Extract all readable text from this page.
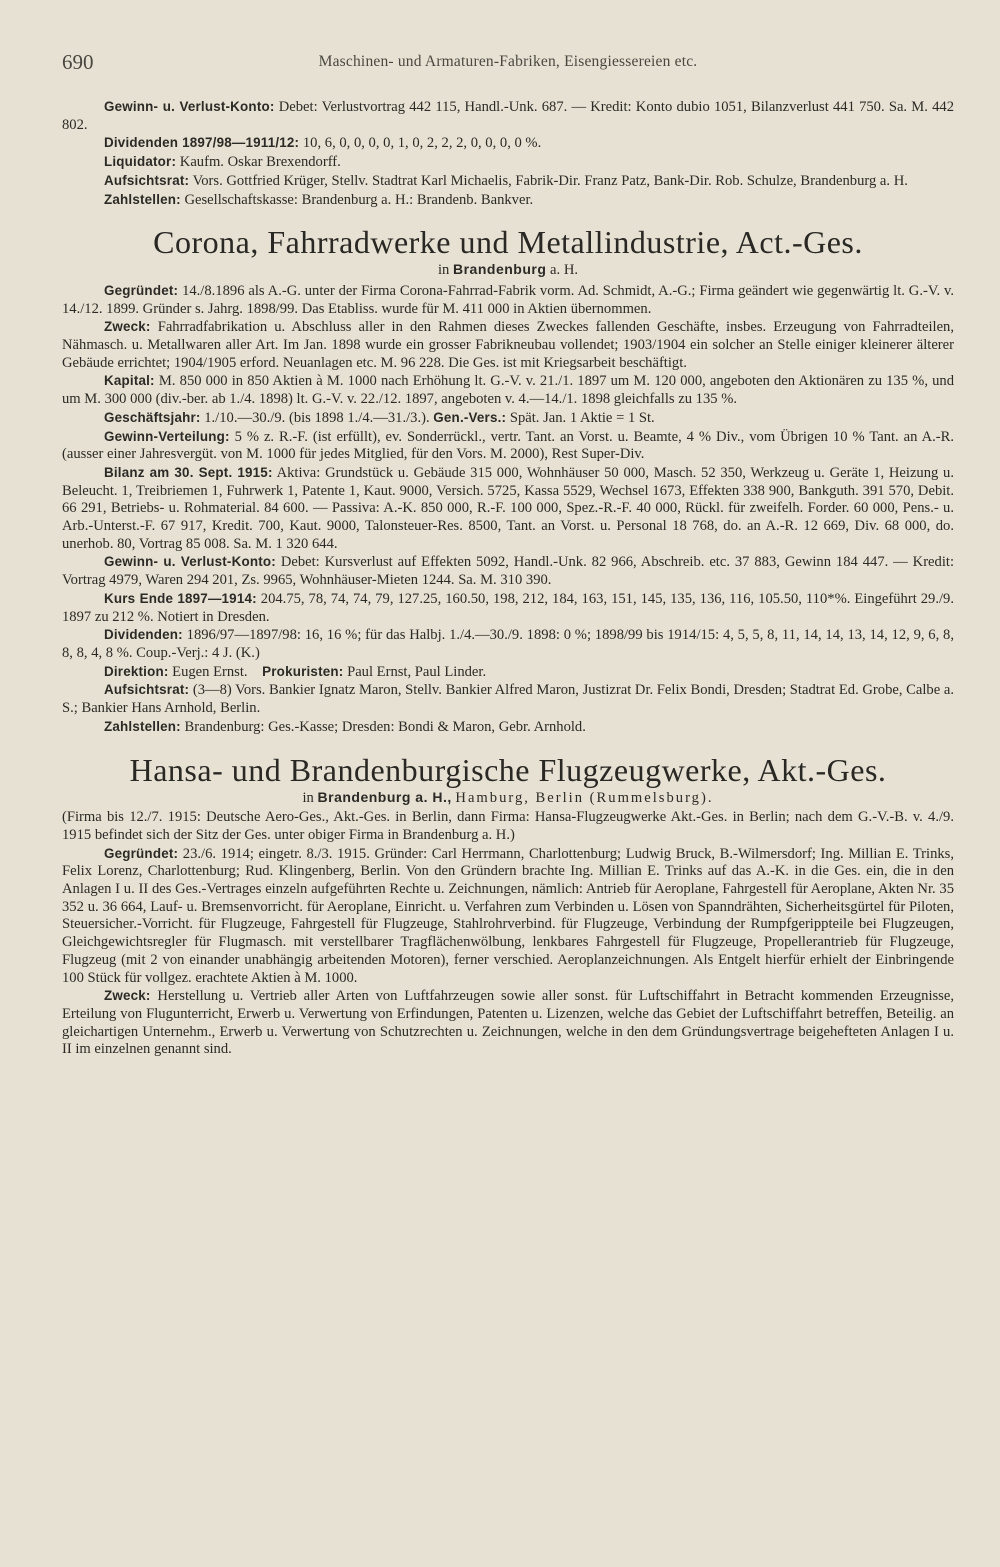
690	Maschinen- und Armaturen-Fabriken, Eisengiessereien etc.

Gewinn- u. Verlust-Konto: Debet: Verlustvortrag 442 115, Handl.-Unk. 687. — Kredit: Konto dubio 1051, Bilanzverlust 441 750. Sa. M. 442 802.

Dividenden 1897/98—1911/12: 10, 6, 0, 0, 0, 0, 1, 0, 2, 2, 2, 0, 0, 0, 0 %.

Liquidator: Kaufm. Oskar Brexendorff.

Aufsichtsrat: Vors. Gottfried Krüger, Stellv. Stadtrat Karl Michaelis, Fabrik-Dir. Franz Patz, Bank-Dir. Rob. Schulze, Brandenburg a. H.

Zahlstellen: Gesellschaftskasse: Brandenburg a. H.: Brandenb. Bankver.

Corona, Fahrradwerke und Metallindustrie, Act.-Ges.

in Brandenburg a. H.

Gegründet: 14./8.1896 als A.-G. unter der Firma Corona-Fahrrad-Fabrik vorm. Ad. Schmidt, A.-G.; Firma geändert wie gegenwärtig lt. G.-V. v. 14./12. 1899. Gründer s. Jahrg. 1898/99. Das Etabliss. wurde für M. 411 000 in Aktien übernommen.

Zweck: Fahrradfabrikation u. Abschluss aller in den Rahmen dieses Zweckes fallenden Geschäfte, insbes. Erzeugung von Fahrradteilen, Nähmasch. u. Metallwaren aller Art. Im Jan. 1898 wurde ein grosser Fabrikneubau vollendet; 1903/1904 ein solcher an Stelle einiger kleinerer älterer Gebäude errichtet; 1904/1905 erford. Neuanlagen etc. M. 96 228. Die Ges. ist mit Kriegsarbeit beschäftigt.

Kapital: M. 850 000 in 850 Aktien à M. 1000 nach Erhöhung lt. G.-V. v. 21./1. 1897 um M. 120 000, angeboten den Aktionären zu 135 %, und um M. 300 000 (div.-ber. ab 1./4. 1898) lt. G.-V. v. 22./12. 1897, angeboten v. 4.—14./1. 1898 gleichfalls zu 135 %.

Geschäftsjahr: 1./10.—30./9. (bis 1898 1./4.—31./3.). Gen.-Vers.: Spät. Jan. 1 Aktie = 1 St.

Gewinn-Verteilung: 5 % z. R.-F. (ist erfüllt), ev. Sonderrückl., vertr. Tant. an Vorst. u. Beamte, 4 % Div., vom Übrigen 10 % Tant. an A.-R. (ausser einer Jahresvergüt. von M. 1000 für jedes Mitglied, für den Vors. M. 2000), Rest Super-Div.

Bilanz am 30. Sept. 1915: Aktiva: Grundstück u. Gebäude 315 000, Wohnhäuser 50 000, Masch. 52 350, Werkzeug u. Geräte 1, Heizung u. Beleucht. 1, Treibriemen 1, Fuhrwerk 1, Patente 1, Kaut. 9000, Versich. 5725, Kassa 5529, Wechsel 1673, Effekten 338 900, Bankguth. 391 570, Debit. 66 291, Betriebs- u. Rohmaterial. 84 600. — Passiva: A.-K. 850 000, R.-F. 100 000, Spez.-R.-F. 40 000, Rückl. für zweifelh. Forder. 60 000, Pens.- u. Arb.-Unterst.-F. 67 917, Kredit. 700, Kaut. 9000, Talonsteuer-Res. 8500, Tant. an Vorst. u. Personal 18 768, do. an A.-R. 12 669, Div. 68 000, do. unerhob. 80, Vortrag 85 008. Sa. M. 1 320 644.

Gewinn- u. Verlust-Konto: Debet: Kursverlust auf Effekten 5092, Handl.-Unk. 82 966, Abschreib. etc. 37 883, Gewinn 184 447. — Kredit: Vortrag 4979, Waren 294 201, Zs. 9965, Wohnhäuser-Mieten 1244. Sa. M. 310 390.

Kurs Ende 1897—1914: 204.75, 78, 74, 74, 79, 127.25, 160.50, 198, 212, 184, 163, 151, 145, 135, 136, 116, 105.50, 110*%. Eingeführt 29./9. 1897 zu 212 %. Notiert in Dresden.

Dividenden: 1896/97—1897/98: 16, 16 %; für das Halbj. 1./4.—30./9. 1898: 0 %; 1898/99 bis 1914/15: 4, 5, 5, 8, 11, 14, 14, 13, 14, 12, 9, 6, 8, 8, 8, 4, 8 %. Coup.-Verj.: 4 J. (K.)

Direktion: Eugen Ernst. Prokuristen: Paul Ernst, Paul Linder.

Aufsichtsrat: (3—8) Vors. Bankier Ignatz Maron, Stellv. Bankier Alfred Maron, Justizrat Dr. Felix Bondi, Dresden; Stadtrat Ed. Grobe, Calbe a. S.; Bankier Hans Arnhold, Berlin.

Zahlstellen: Brandenburg: Ges.-Kasse; Dresden: Bondi & Maron, Gebr. Arnhold.

Hansa- und Brandenburgische Flugzeugwerke, Akt.-Ges.

in Brandenburg a. H., Hamburg, Berlin (Rummelsburg).

(Firma bis 12./7. 1915: Deutsche Aero-Ges., Akt.-Ges. in Berlin, dann Firma: Hansa-Flugzeugwerke Akt.-Ges. in Berlin; nach dem G.-V.-B. v. 4./9. 1915 befindet sich der Sitz der Ges. unter obiger Firma in Brandenburg a. H.)

Gegründet: 23./6. 1914; eingetr. 8./3. 1915. Gründer: Carl Herrmann, Charlottenburg; Ludwig Bruck, B.-Wilmersdorf; Ing. Millian E. Trinks, Felix Lorenz, Charlottenburg; Rud. Klingenberg, Berlin. Von den Gründern brachte Ing. Millian E. Trinks auf das A.-K. in die Ges. ein, die in den Anlagen I u. II des Ges.-Vertrages einzeln aufgeführten Rechte u. Zeichnungen, nämlich: Antrieb für Aeroplane, Fahrgestell für Aeroplane, Akten Nr. 35 352 u. 36 664, Lauf- u. Bremsenvorricht. für Aeroplane, Einricht. u. Verfahren zum Verbinden u. Lösen von Spanndrähten, Sicherheitsgürtel für Piloten, Steuersicher.-Vorricht. für Flugzeuge, Fahrgestell für Flugzeuge, Stahlrohrverbind. für Flugzeuge, Verbindung der Rumpfgerippteile bei Flugzeugen, Gleichgewichtsregler für Flugmasch. mit verstellbarer Tragflächenwölbung, lenkbares Fahrgestell für Flugzeuge, Propellerantrieb für Flugzeuge, Flugzeug (mit 2 von einander unabhängig arbeitenden Motoren), ferner verschied. Aeroplanzeichnungen. Als Entgelt hierfür erhielt der Einbringende 100 Stück für vollgez. erachtete Aktien à M. 1000.

Zweck: Herstellung u. Vertrieb aller Arten von Luftfahrzeugen sowie aller sonst. für Luftschiffahrt in Betracht kommenden Erzeugnisse, Erteilung von Flugunterricht, Erwerb u. Verwertung von Erfindungen, Patenten u. Lizenzen, welche das Gebiet der Luftschiffahrt betreffen, Beteilig. an gleichartigen Unternehm., Erwerb u. Verwertung von Schutzrechten u. Zeichnungen, welche in den dem Gründungsvertrage beigehefteten Anlagen I u. II im einzelnen genannt sind.
